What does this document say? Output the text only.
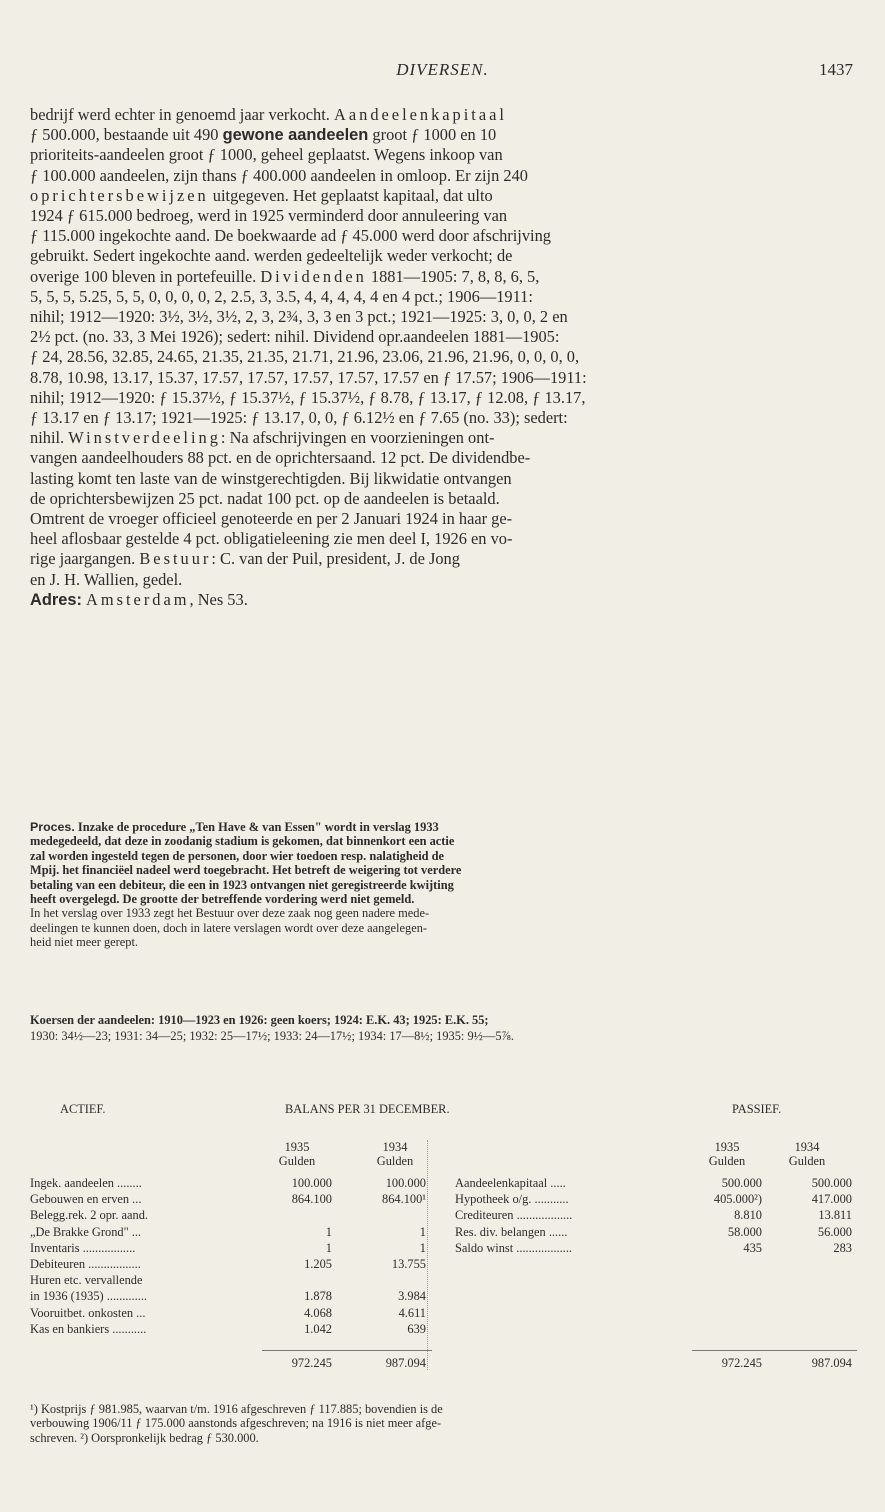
DIVERSEN.	1437
bedrijf werd echter in genoemd jaar verkocht. Aandeelenkapitaal
ƒ 500.000, bestaande uit 490 gewone aandeelen groot ƒ 1000 en 10
prioriteits-aandeelen groot ƒ 1000, geheel geplaatst. Wegens inkoop van
ƒ 100.000 aandeelen, zijn thans ƒ 400.000 aandeelen in omloop. Er zijn 240
oprichtersbewijzen uitgegeven. Het geplaatst kapitaal, dat ulto
1924 ƒ 615.000 bedroeg, werd in 1925 verminderd door annuleering van
ƒ 115.000 ingekochte aand. De boekwaarde ad ƒ 45.000 werd door afschrijving
gebruikt. Sedert ingekochte aand. werden gedeeltelijk weder verkocht; de
overige 100 bleven in portefeuille. Dividenden 1881—1905: 7, 8, 8, 6, 5,
5, 5, 5, 5.25, 5, 5, 0, 0, 0, 0, 2, 2.5, 3, 3.5, 4, 4, 4, 4, 4 en 4 pct.; 1906—1911:
nihil; 1912—1920: 3½, 3½, 3½, 2, 3, 2¾, 3, 3 en 3 pct.; 1921—1925: 3, 0, 0, 2 en
2½ pct. (no. 33, 3 Mei 1926); sedert: nihil. Dividend opr.aandeelen 1881—1905:
ƒ 24, 28.56, 32.85, 24.65, 21.35, 21.35, 21.71, 21.96, 23.06, 21.96, 21.96, 0, 0, 0, 0,
8.78, 10.98, 13.17, 15.37, 17.57, 17.57, 17.57, 17.57, 17.57 en ƒ 17.57; 1906—1911:
nihil; 1912—1920: ƒ 15.37½, ƒ 15.37½, ƒ 15.37½, ƒ 8.78, ƒ 13.17, ƒ 12.08, ƒ 13.17,
ƒ 13.17 en ƒ 13.17; 1921—1925: ƒ 13.17, 0, 0, ƒ 6.12½ en ƒ 7.65 (no. 33); sedert:
nihil. Winstverdeeling: Na afschrijvingen en voorzieningen ont-
vangen aandeelhouders 88 pct. en de oprichtersaand. 12 pct. De dividendbe-
lasting komt ten laste van de winstgerechtigden. Bij likwidatie ontvangen
de oprichtersbewijzen 25 pct. nadat 100 pct. op de aandeelen is betaald.
Omtrent de vroeger officieel genoteerde en per 2 Januari 1924 in haar ge-
heel aflosbaar gestelde 4 pct. obligatieleening zie men deel I, 1926 en vo-
rige jaargangen. Bestuur: C. van der Puil, president, J. de Jong
en J. H. Wallien, gedel.
Adres: Amsterdam, Nes 53.
Proces. Inzake de procedure „Ten Have & van Essen" wordt in verslag 1933
medegedeeld, dat deze in zoodanig stadium is gekomen, dat binnenkort een actie
zal worden ingesteld tegen de personen, door wier toedoen resp. nalatigheid de
Mpij. het financiëel nadeel werd toegebracht. Het betreft de weigering tot verdere
betaling van een debiteur, die een in 1923 ontvangen niet geregistreerde kwijting
heeft overgelegd. De grootte der betreffende vordering werd niet gemeld.
In het verslag over 1933 zegt het Bestuur over deze zaak nog geen nadere mede-
deelingen te kunnen doen, doch in latere verslagen wordt over deze aangelegen-
heid niet meer gerept.
Koersen der aandeelen: 1910—1923 en 1926: geen koers; 1924: E.K. 43; 1925: E.K. 55;
1930: 34½—23; 1931: 34—25; 1932: 25—17½; 1933: 24—17½; 1934: 17—8½; 1935: 9½—5⅞.
ACTIEF.	BALANS PER 31 DECEMBER.	PASSIEF.
1935
Gulden
1934
Gulden
1935
Gulden
1934
Gulden
Ingek. aandeelen ........	100.000	100.000
Gebouwen en erven ...	864.100	864.100¹
Belegg.rek. 2 opr. aand.
„De Brakke Grond" ...	1	1
Inventaris .................	1	1
Debiteuren .................	1.205	13.755
Huren etc. vervallende
in 1936 (1935) .............	1.878	3.984
Vooruitbet. onkosten ...	4.068	4.611
Kas en bankiers ...........	1.042	639
Aandeelenkapitaal .....	500.000	500.000
Hypotheek o/g. ...........	405.000²)	417.000
Crediteuren ..................	8.810	13.811
Res. div. belangen ......	58.000	56.000
Saldo winst ..................	435	283
972.245	987.094	972.245	987.094
¹) Kostprijs ƒ 981.985, waarvan t/m. 1916 afgeschreven ƒ 117.885; bovendien is de
verbouwing 1906/11 ƒ 175.000 aanstonds afgeschreven; na 1916 is niet meer afge-
schreven. ²) Oorspronkelijk bedrag ƒ 530.000.
